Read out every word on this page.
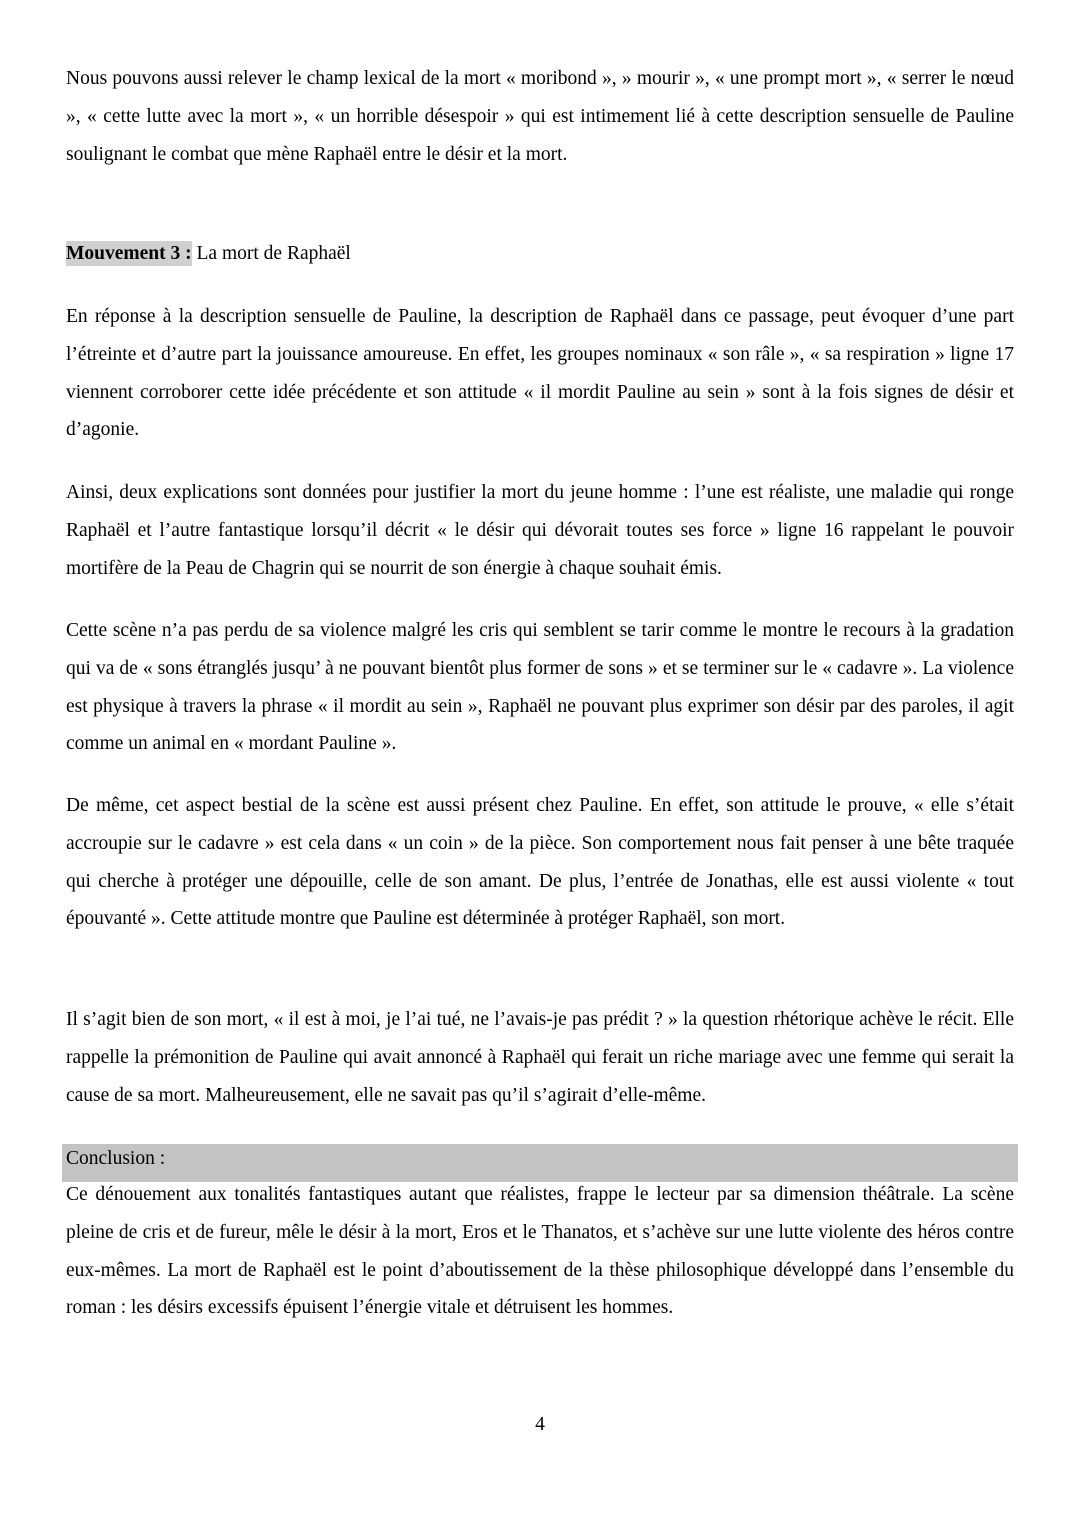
Nous pouvons aussi relever le champ lexical de la mort « moribond », » mourir », « une prompt mort », « serrer le nœud », « cette lutte avec la mort », « un horrible désespoir » qui est intimement lié à cette description sensuelle de Pauline soulignant le combat que mène Raphaël entre le désir et la mort.

Mouvement 3 : La mort de Raphaël

En réponse à la description sensuelle de Pauline, la description de Raphaël dans ce passage, peut évoquer d’une part l’étreinte et d’autre part la jouissance amoureuse. En effet, les groupes nominaux « son râle », « sa respiration » ligne 17 viennent corroborer cette idée précédente et son attitude « il mordit Pauline au sein » sont à la fois signes de désir et d’agonie.

Ainsi, deux explications sont données pour justifier la mort du jeune homme : l’une est réaliste, une maladie qui ronge Raphaël et l’autre fantastique lorsqu’il décrit « le désir qui dévorait toutes ses force » ligne 16 rappelant le pouvoir mortifère de la Peau de Chagrin qui se nourrit de son énergie à chaque souhait émis.

Cette scène n’a pas perdu de sa violence malgré les cris qui semblent se tarir comme le montre le recours à la gradation qui va de « sons étranglés jusqu’ à ne pouvant bientôt plus former de sons » et se terminer sur le « cadavre ». La violence est physique à travers la phrase « il mordit au sein », Raphaël ne pouvant plus exprimer son désir par des paroles, il agit comme un animal en « mordant Pauline ».

De même, cet aspect bestial de la scène est aussi présent chez Pauline. En effet, son attitude le prouve, « elle s’était accroupie sur le cadavre » est cela dans « un coin » de la pièce. Son comportement nous fait penser à une bête traquée qui cherche à protéger une dépouille, celle de son amant. De plus, l’entrée de Jonathas, elle est aussi violente « tout épouvanté ». Cette attitude montre que Pauline est déterminée à protéger Raphaël, son mort.

Il s’agit bien de son mort, « il est à moi, je l’ai tué, ne l’avais-je pas prédit ? » la question rhétorique achève le récit. Elle rappelle la prémonition de Pauline qui avait annoncé à Raphaël qui ferait un riche mariage avec une femme qui serait la cause de sa mort. Malheureusement, elle ne savait pas qu’il s’agirait d’elle-même.

Conclusion :

Ce dénouement aux tonalités fantastiques autant que réalistes, frappe le lecteur par sa dimension théâtrale. La scène pleine de cris et de fureur, mêle le désir à la mort, Eros et le Thanatos, et s’achève sur une lutte violente des héros contre eux-mêmes. La mort de Raphaël est le point d’aboutissement de la thèse philosophique développé dans l’ensemble du roman : les désirs excessifs épuisent l’énergie vitale et détruisent les hommes.

4
